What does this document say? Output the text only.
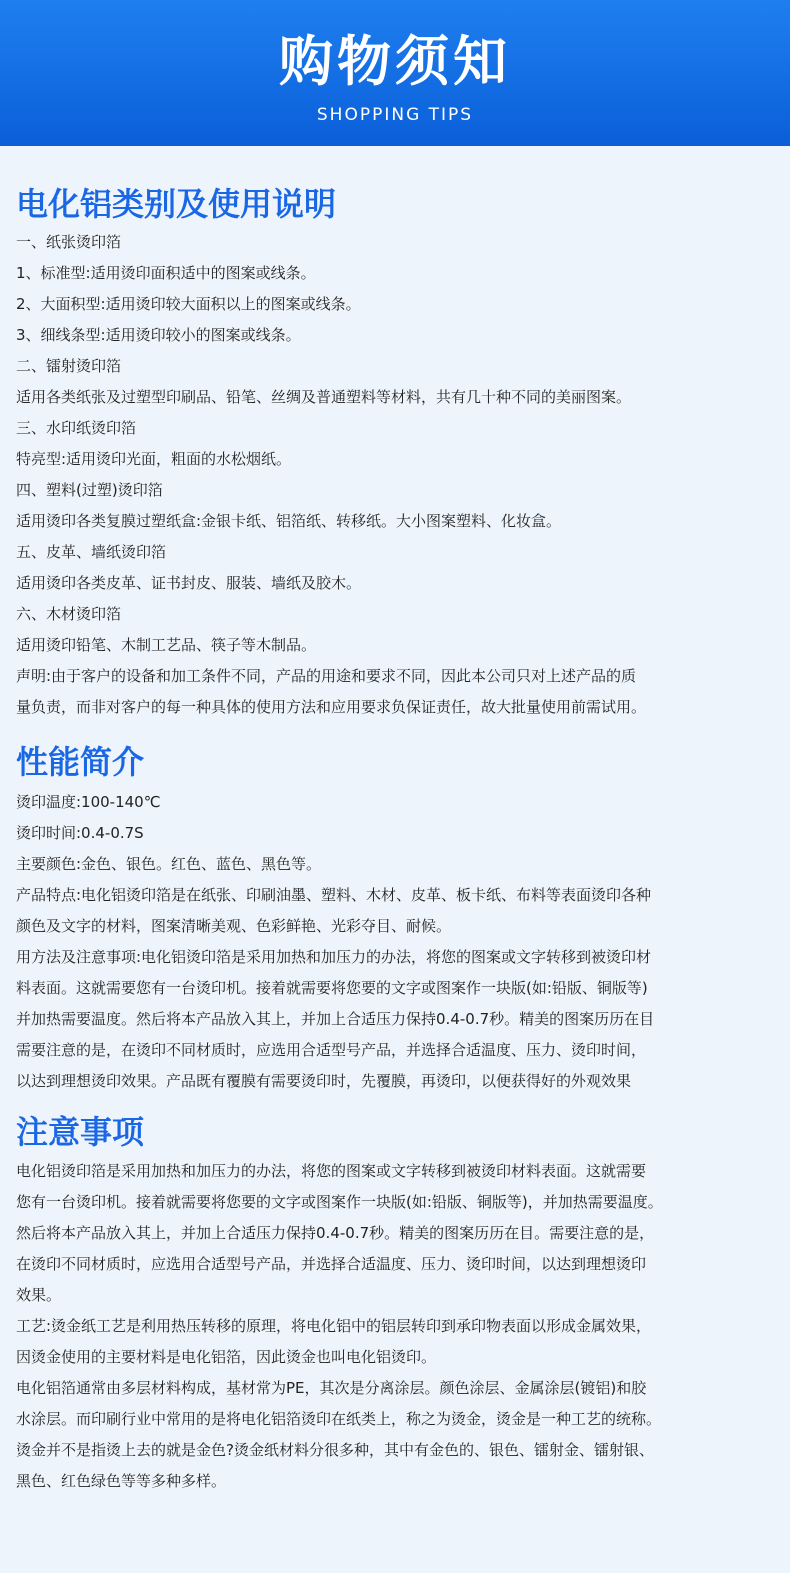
购物须知
SHOPPING TIPS
电化铝类别及使用说明
一、纸张烫印箔
1、标准型:适用烫印面积适中的图案或线条。
2、大面积型:适用烫印较大面积以上的图案或线条。
3、细线条型:适用烫印较小的图案或线条。
二、镭射烫印箔
适用各类纸张及过塑型印刷品、铅笔、丝绸及普通塑料等材料，共有几十种不同的美丽图案。
三、水印纸烫印箔
特亮型:适用烫印光面，粗面的水松烟纸。
四、塑料(过塑)烫印箔
适用烫印各类复膜过塑纸盒:金银卡纸、铝箔纸、转移纸。大小图案塑料、化妆盒。
五、皮革、墙纸烫印箔
适用烫印各类皮革、证书封皮、服装、墙纸及胶木。
六、木材烫印箔
适用烫印铅笔、木制工艺品、筷子等木制品。
声明:由于客户的设备和加工条件不同，产品的用途和要求不同，因此本公司只对上述产品的质
量负责，而非对客户的每一种具体的使用方法和应用要求负保证责任，故大批量使用前需试用。
性能简介
烫印温度:100-140℃
烫印时间:0.4-0.7S
主要颜色:金色、银色。红色、蓝色、黑色等。
产品特点:电化铝烫印箔是在纸张、印刷油墨、塑料、木材、皮革、板卡纸、布料等表面烫印各种
颜色及文字的材料，图案清晰美观、色彩鲜艳、光彩夺目、耐候。
用方法及注意事项:电化铝烫印箔是采用加热和加压力的办法，将您的图案或文字转移到被烫印材
料表面。这就需要您有一台烫印机。接着就需要将您要的文字或图案作一块版(如:铅版、铜版等)
并加热需要温度。然后将本产品放入其上，并加上合适压力保持0.4-0.7秒。精美的图案历历在目
需要注意的是，在烫印不同材质时，应选用合适型号产品，并选择合适温度、压力、烫印时间，
以达到理想烫印效果。产品既有覆膜有需要烫印时，先覆膜，再烫印，以便获得好的外观效果
注意事项
电化铝烫印箔是采用加热和加压力的办法，将您的图案或文字转移到被烫印材料表面。这就需要
您有一台烫印机。接着就需要将您要的文字或图案作一块版(如:铅版、铜版等)，并加热需要温度。
然后将本产品放入其上，并加上合适压力保持0.4-0.7秒。精美的图案历历在目。需要注意的是，
在烫印不同材质时，应选用合适型号产品，并选择合适温度、压力、烫印时间，以达到理想烫印
效果。
工艺:烫金纸工艺是利用热压转移的原理，将电化铝中的铝层转印到承印物表面以形成金属效果，
因烫金使用的主要材料是电化铝箔，因此烫金也叫电化铝烫印。
电化铝箔通常由多层材料构成，基材常为PE，其次是分离涂层。颜色涂层、金属涂层(镀铝)和胶
水涂层。而印刷行业中常用的是将电化铝箔烫印在纸类上，称之为烫金，烫金是一种工艺的统称。
烫金并不是指烫上去的就是金色?烫金纸材料分很多种，其中有金色的、银色、镭射金、镭射银、
黑色、红色绿色等等多种多样。
